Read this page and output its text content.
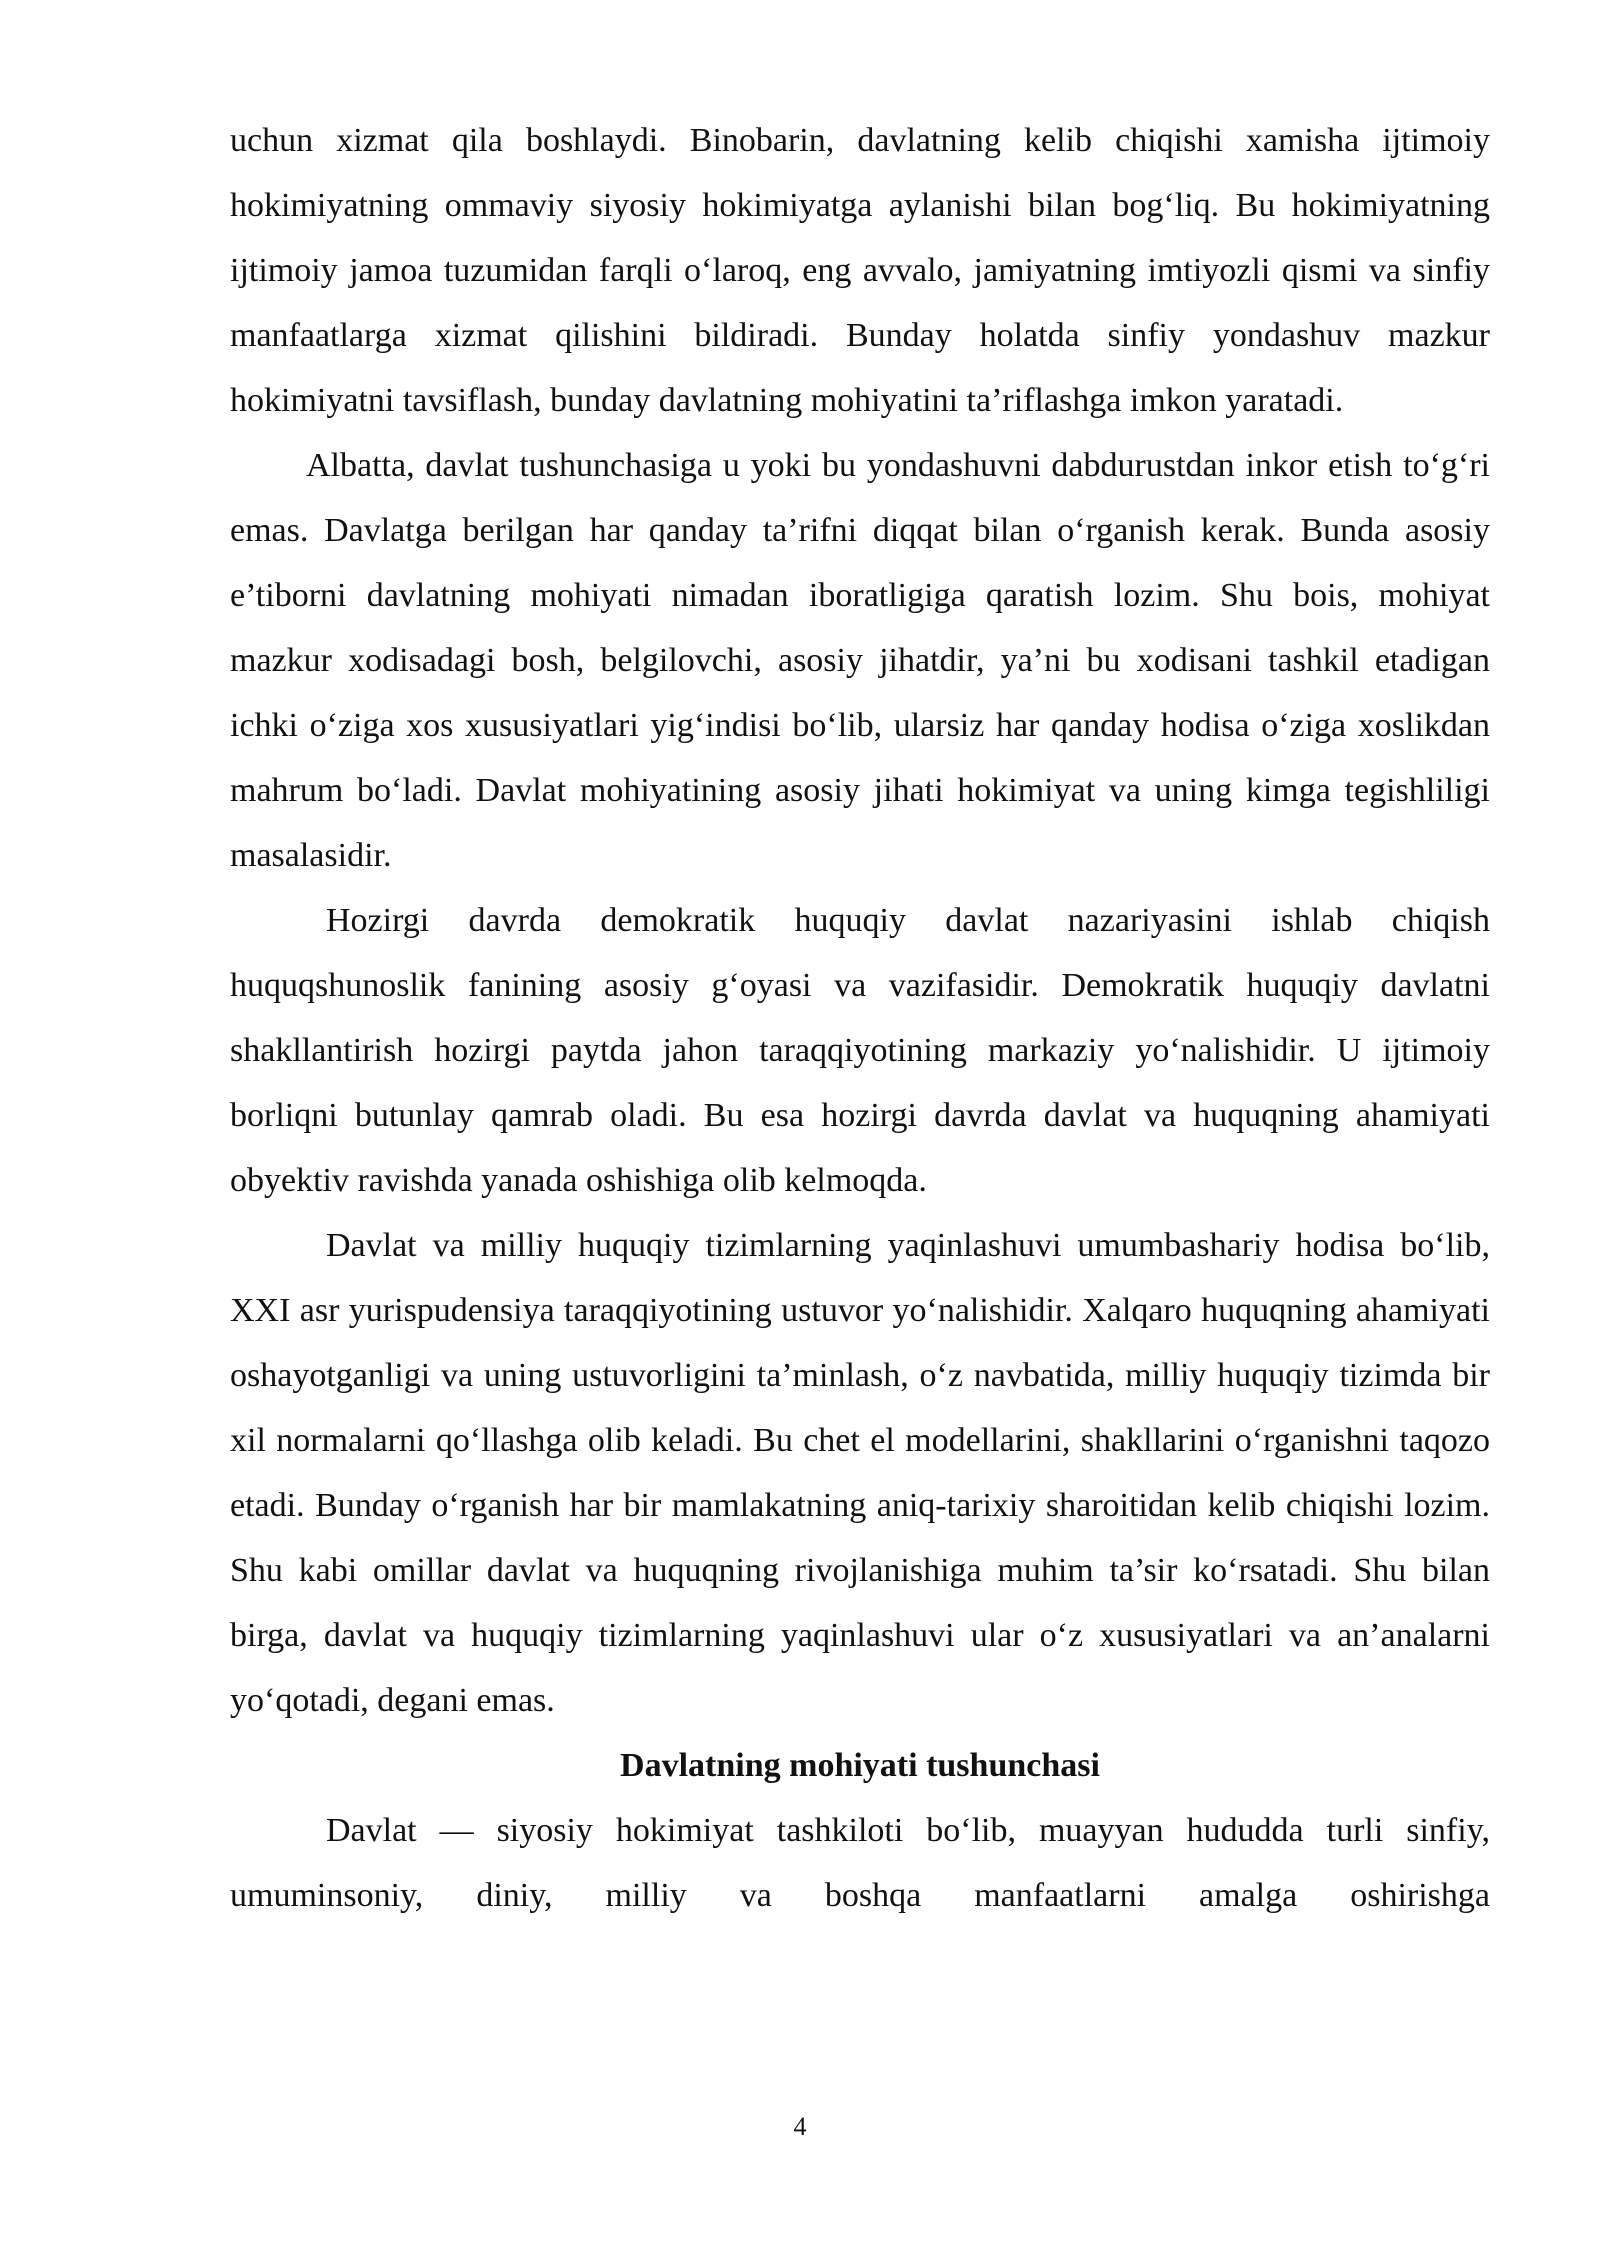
uchun xizmat qila boshlaydi. Binobarin, davlatning kelib chiqishi xamisha ijtimoiy hokimiyatning ommaviy siyosiy hokimiyatga aylanishi bilan bog‘liq. Bu hokimiyatning ijtimoiy jamoa tuzumidan farqli o‘laroq, eng avvalo, jamiyatning imtiyozli qismi va sinfiy manfaatlarga xizmat qilishini bildiradi. Bunday holatda sinfiy yondashuv mazkur hokimiyatni tavsiflash, bunday davlatning mohiyatini ta’riflashga imkon yaratadi.

Albatta, davlat tushunchasiga u yoki bu yondashuvni dabdurustdan inkor etish to‘g‘ri emas. Davlatga berilgan har qanday ta’rifni diqqat bilan o‘rganish kerak. Bunda asosiy e’tiborni davlatning mohiyati nimadan iboratligiga qaratish lozim. Shu bois, mohiyat mazkur xodisadagi bosh, belgilovchi, asosiy jihatdir, ya’ni bu xodisani tashkil etadigan ichki o‘ziga xos xususiyatlari yig‘indisi bo‘lib, ularsiz har qanday hodisa o‘ziga xoslikdan mahrum bo‘ladi. Davlat mohiyatining asosiy jihati hokimiyat va uning kimga tegishliligi masalasidir.

Hozirgi davrda demokratik huquqiy davlat nazariyasini ishlab chiqish huquqshunoslik fanining asosiy g‘oyasi va vazifasidir. Demokratik huquqiy davlatni shakllantirish hozirgi paytda jahon taraqqiyotining markaziy yo‘nalishidir. U ijtimoiy borliqni butunlay qamrab oladi. Bu esa hozirgi davrda davlat va huquqning ahamiyati obyektiv ravishda yanada oshishiga olib kelmoqda.

Davlat va milliy huquqiy tizimlarning yaqinlashuvi umumbashariy hodisa bo‘lib, XXI asr yurispudensiya taraqqiyotining ustuvor yo‘nalishidir. Xalqaro huquqning ahamiyati oshayotganligi va uning ustuvorligini ta’minlash, o‘z navbatida, milliy huquqiy tizimda bir xil normalarni qo‘llashga olib keladi. Bu chet el modellarini, shakllarini o‘rganishni taqozo etadi. Bunday o‘rganish har bir mamlakatning aniq-tarixiy sharoitidan kelib chiqishi lozim. Shu kabi omillar davlat va huquqning rivojlanishiga muhim ta’sir ko‘rsatadi. Shu bilan birga, davlat va huquqiy tizimlarning yaqinlashuvi ular o‘z xususiyatlari va an’analarni yo‘qotadi, degani emas.

Davlatning mohiyati tushunchasi

Davlat — siyosiy hokimiyat tashkiloti bo‘lib, muayyan hududda turli sinfiy, umuminsoniy, diniy, milliy va boshqa manfaatlarni amalga oshirishga

4
